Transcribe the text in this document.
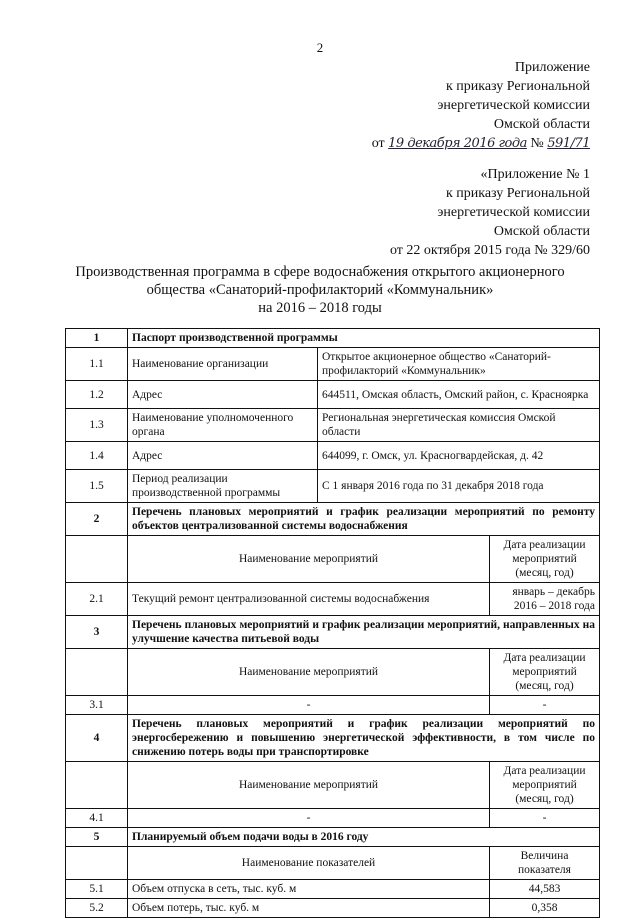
2
Приложение
к приказу Региональной
энергетической комиссии
Омской области
от 19 декабря 2016 года № 591/71
«Приложение № 1
к приказу Региональной
энергетической комиссии
Омской области
от 22 октября 2015 года № 329/60
Производственная программа в сфере водоснабжения открытого акционерного
общества «Санаторий-профилакторий «Коммунальник»
на 2016 – 2018 годы
1	Паспорт производственной программы		
1.1	Наименование организации	Открытое акционерное общество «Санаторий-профилакторий «Коммунальник»	
1.2	Адрес	644511, Омская область, Омский район, с. Красноярка	
1.3	Наименование уполномоченного органа	Региональная энергетическая комиссия Омской области	
1.4	Адрес	644099, г. Омск, ул. Красногвардейская, д. 42	
1.5	Период реализации производственной программы	С 1 января 2016 года по 31 декабря 2018 года	
2	Перечень плановых мероприятий и график реализации мероприятий по ремонту объектов централизованной системы водоснабжения		
	Наименование мероприятий		Дата реализации мероприятий (месяц, год)
2.1	Текущий ремонт централизованной системы водоснабжения		январь – декабрь 2016 – 2018 года
3	Перечень плановых мероприятий и график реализации мероприятий, направленных на улучшение качества питьевой воды		
	Наименование мероприятий		Дата реализации мероприятий (месяц, год)
3.1	-		-
4	Перечень плановых мероприятий и график реализации мероприятий по энергосбережению и повышению энергетической эффективности, в том числе по снижению потерь воды при транспортировке		
	Наименование мероприятий		Дата реализации мероприятий (месяц, год)
4.1	-		-
5	Планируемый объем подачи воды в 2016 году		
	Наименование показателей		Величина показателя
5.1	Объем отпуска в сеть, тыс. куб. м		44,583
5.2	Объем потерь, тыс. куб. м		0,358
